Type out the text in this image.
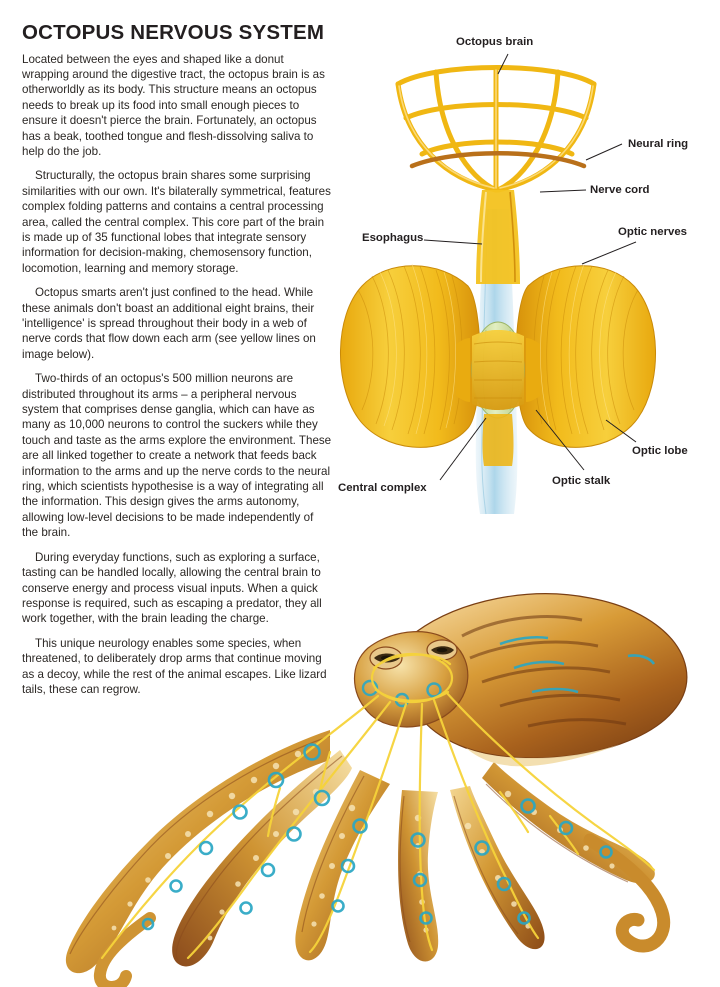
OCTOPUS NERVOUS SYSTEM

Located between the eyes and shaped like a donut wrapping around the digestive tract, the octopus brain is as otherworldly as its body. This structure means an octopus needs to break up its food into small enough pieces to ensure it doesn't pierce the brain. Fortunately, an octopus has a beak, toothed tongue and flesh-dissolving saliva to help do the job.

Structurally, the octopus brain shares some surprising similarities with our own. It's bilaterally symmetrical, features complex folding patterns and contains a central processing area, called the central complex. This core part of the brain is made up of 35 functional lobes that integrate sensory information for decision-making, chemosensory function, locomotion, learning and memory storage.

Octopus smarts aren't just confined to the head. While these animals don't boast an additional eight brains, their 'intelligence' is spread throughout their body in a web of nerve cords that flow down each arm (see yellow lines on image below).

Two-thirds of an octopus's 500 million neurons are distributed throughout its arms – a peripheral nervous system that comprises dense ganglia, which can have as many as 10,000 neurons to control the suckers while they touch and taste as the arms explore the environment. These are all linked together to create a network that feeds back information to the arms and up the nerve cords to the neural ring, which scientists hypothesise is a way of integrating all the information. This design gives the arms autonomy, allowing low-level decisions to be made independently of the brain.

During everyday functions, such as exploring a surface, tasting can be handled locally, allowing the central brain to conserve energy and process visual inputs. When a quick response is required, such as escaping a predator, they all work together, with the brain leading the charge.

This unique neurology enables some species, when threatened, to deliberately drop arms that continue moving as a decoy, while the rest of the animal escapes. Like lizard tails, these can regrow.

Octopus brain
Neural ring
Nerve cord
Esophagus	Optic nerves
Optic lobe
Optic stalk
Central complex
